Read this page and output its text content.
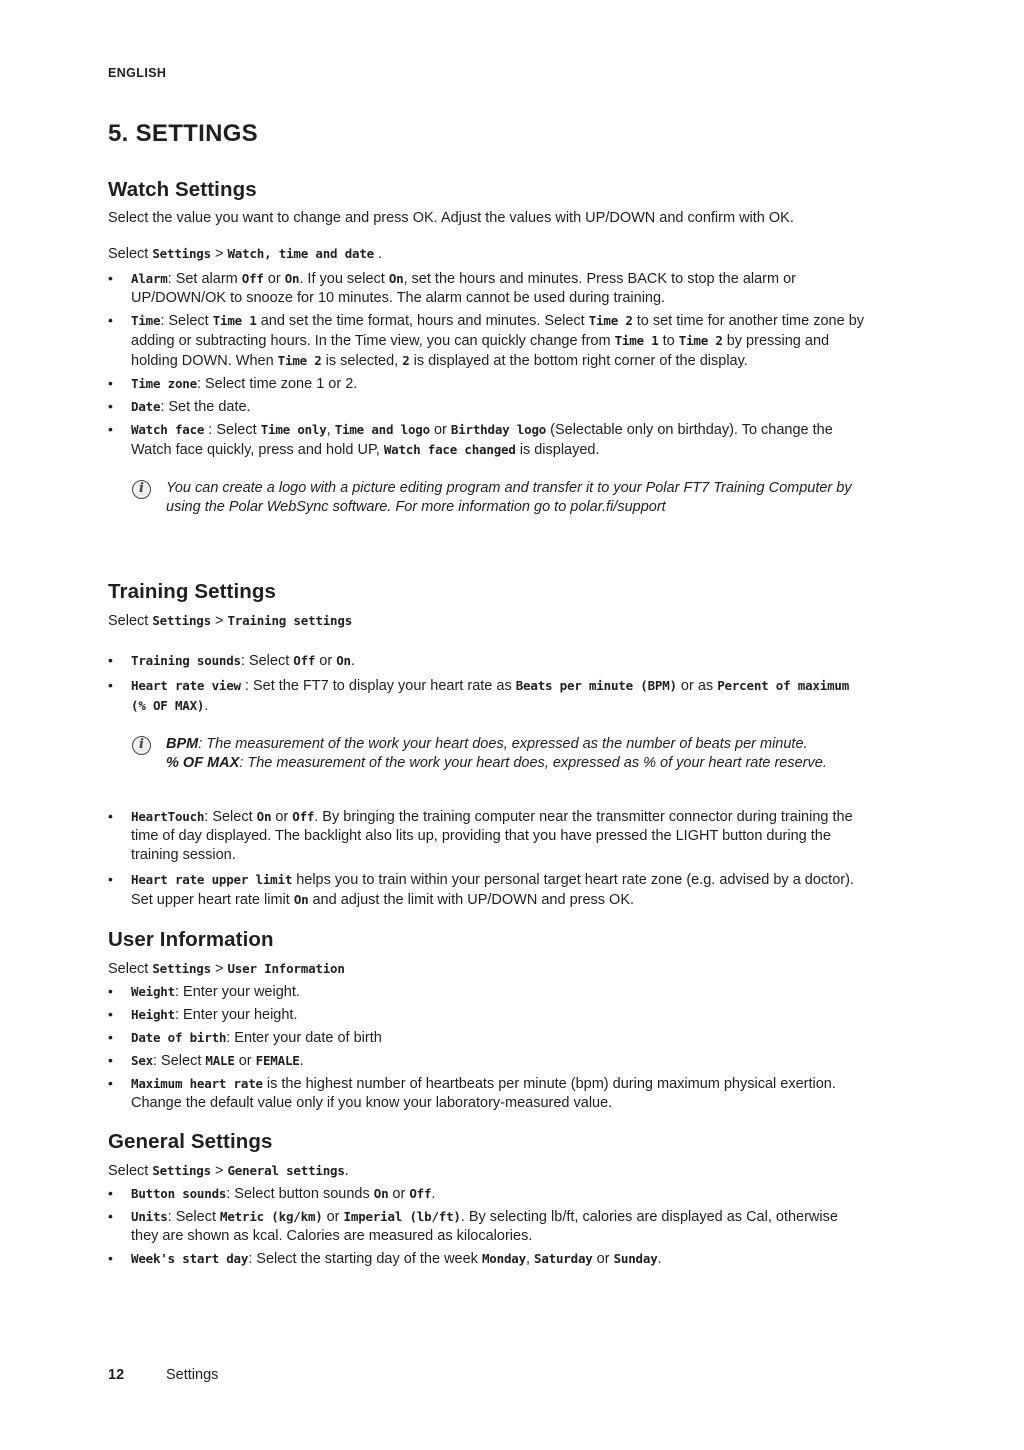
ENGLISH
5. SETTINGS
Watch Settings

Select the value you want to change and press OK. Adjust the values with UP/DOWN and confirm with OK.

Select Settings > Watch, time and date .

• Alarm: Set alarm Off or On. If you select On, set the hours and minutes. Press BACK to stop the alarm or UP/DOWN/OK to snooze for 10 minutes. The alarm cannot be used during training.
• Time: Select Time 1 and set the time format, hours and minutes. Select Time 2 to set time for another time zone by adding or subtracting hours. In the Time view, you can quickly change from Time 1 to Time 2 by pressing and holding DOWN. When Time 2 is selected, 2 is displayed at the bottom right corner of the display.
• Time zone: Select time zone 1 or 2.
• Date: Set the date.
• Watch face : Select Time only, Time and logo or Birthday logo (Selectable only on birthday). To change the Watch face quickly, press and hold UP, Watch face changed is displayed.
i	You can create a logo with a picture editing program and transfer it to your Polar FT7 Training Computer by using the Polar WebSync software. For more information go to polar.fi/support
Training Settings

Select Settings > Training settings

• Training sounds: Select Off or On.
• Heart rate view : Set the FT7 to display your heart rate as Beats per minute (BPM) or as Percent of maximum (% OF MAX).
i	BPM: The measurement of the work your heart does, expressed as the number of beats per minute.
% OF MAX: The measurement of the work your heart does, expressed as % of your heart rate reserve.
• HeartTouch: Select On or Off. By bringing the training computer near the transmitter connector during training the time of day displayed. The backlight also lits up, providing that you have pressed the LIGHT button during the training session.
• Heart rate upper limit helps you to train within your personal target heart rate zone (e.g. advised by a doctor). Set upper heart rate limit On and adjust the limit with UP/DOWN and press OK.
User Information

Select Settings > User Information

• Weight: Enter your weight.
• Height: Enter your height.
• Date of birth: Enter your date of birth
• Sex: Select MALE or FEMALE.
• Maximum heart rate is the highest number of heartbeats per minute (bpm) during maximum physical exertion. Change the default value only if you know your laboratory-measured value.
General Settings

Select Settings > General settings.

• Button sounds: Select button sounds On or Off.
• Units: Select Metric (kg/km) or Imperial (lb/ft). By selecting lb/ft, calories are displayed as Cal, otherwise they are shown as kcal. Calories are measured as kilocalories.
• Week's start day: Select the starting day of the week Monday, Saturday or Sunday.
12	Settings
